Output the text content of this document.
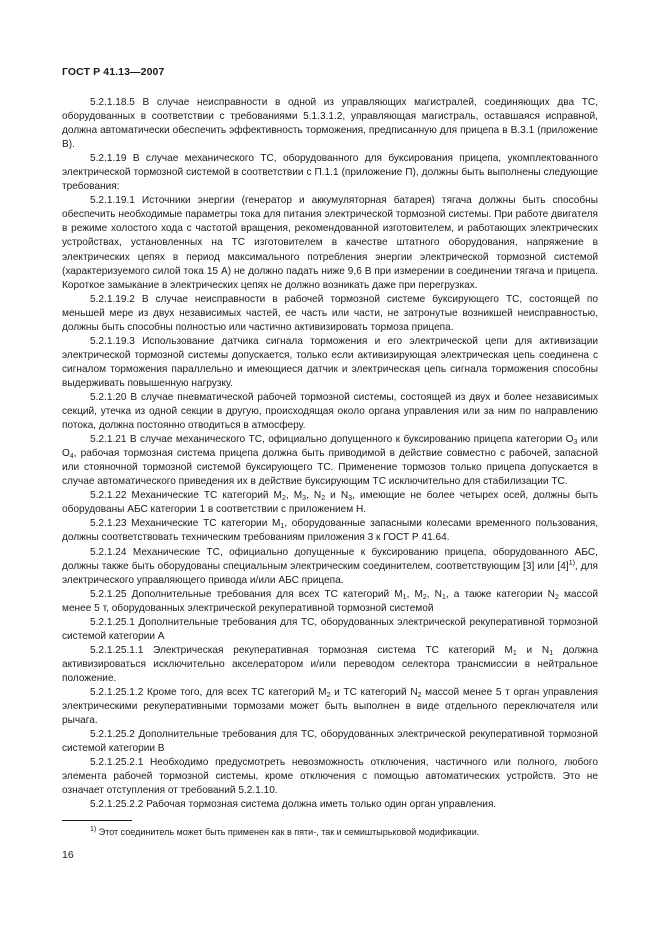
ГОСТ Р 41.13—2007

5.2.1.18.5 В случае неисправности в одной из управляющих магистралей, соединяющих два ТС, оборудованных в соответствии с требованиями 5.1.3.1.2, управляющая магистраль, оставшаяся исправной, должна автоматически обеспечить эффективность торможения, предписанную для прицепа в В.3.1 (приложение В).

5.2.1.19 В случае механического ТС, оборудованного для буксирования прицепа, укомплектованного электрической тормозной системой в соответствии с П.1.1 (приложение П), должны быть выполнены следующие требования:

5.2.1.19.1 Источники энергии (генератор и аккумуляторная батарея) тягача должны быть способны обеспечить необходимые параметры тока для питания электрической тормозной системы. При работе двигателя в режиме холостого хода с частотой вращения, рекомендованной изготовителем, и работающих электрических устройствах, установленных на ТС изготовителем в качестве штатного оборудования, напряжение в электрических цепях в период максимального потребления энергии электрической тормозной системой (характеризуемого силой тока 15 А) не должно падать ниже 9,6 В при измерении в соединении тягача и прицепа. Короткое замыкание в электрических цепях не должно возникать даже при перегрузках.

5.2.1.19.2 В случае неисправности в рабочей тормозной системе буксирующего ТС, состоящей по меньшей мере из двух независимых частей, ее часть или части, не затронутые возникшей неисправностью, должны быть способны полностью или частично активизировать тормоза прицепа.

5.2.1.19.3 Использование датчика сигнала торможения и его электрической цепи для активизации электрической тормозной системы допускается, только если активизирующая электрическая цепь соединена с сигналом торможения параллельно и имеющиеся датчик и электрическая цепь сигнала торможения способны выдерживать повышенную нагрузку.

5.2.1.20 В случае пневматической рабочей тормозной системы, состоящей из двух и более независимых секций, утечка из одной секции в другую, происходящая около органа управления или за ним по направлению потока, должна постоянно отводиться в атмосферу.

5.2.1.21 В случае механического ТС, официально допущенного к буксированию прицепа категории $O_3$ или $O_4$, рабочая тормозная система прицепа должна быть приводимой в действие совместно с рабочей, запасной или стояночной тормозной системой буксирующего ТС. Применение тормозов только прицепа допускается в случае автоматического приведения их в действие буксирующим ТС исключительно для стабилизации ТС.

5.2.1.22 Механические ТС категорий $M_2$, $M_3$, $N_2$ и $N_3$, имеющие не более четырех осей, должны быть оборудованы АБС категории 1 в соответствии с приложением Н.

5.2.1.23 Механические ТС категории $M_1$, оборудованные запасными колесами временного пользования, должны соответствовать техническим требованиям приложения 3 к ГОСТ Р 41.64.

5.2.1.24 Механические ТС, официально допущенные к буксированию прицепа, оборудованного АБС, должны также быть оборудованы специальным электрическим соединителем, соответствующим [3] или $[4]^{1)}$, для электрического управляющего привода и/или АБС прицепа.

5.2.1.25 Дополнительные требования для всех ТС категорий $M_1$, $M_2$, $N_1$, а также категории $N_2$ массой менее 5 т, оборудованных электрической рекуперативной тормозной системой

5.2.1.25.1 Дополнительные требования для ТС, оборудованных электрической рекуперативной тормозной системой категории А

5.2.1.25.1.1 Электрическая рекуперативная тормозная система ТС категорий $M_1$ и $N_1$ должна активизироваться исключительно акселератором и/или переводом селектора трансмиссии в нейтральное положение.

5.2.1.25.1.2 Кроме того, для всех ТС категорий $M_2$ и ТС категорий $N_2$ массой менее 5 т орган управления электрическими рекуперативными тормозами может быть выполнен в виде отдельного переключателя или рычага.

5.2.1.25.2 Дополнительные требования для ТС, оборудованных электрической рекуперативной тормозной системой категории В

5.2.1.25.2.1 Необходимо предусмотреть невозможность отключения, частичного или полного, любого элемента рабочей тормозной системы, кроме отключения с помощью автоматических устройств. Это не означает отступления от требований 5.2.1.10.

5.2.1.25.2.2 Рабочая тормозная система должна иметь только один орган управления.

$^{1)}$ Этот соединитель может быть применен как в пяти-, так и семиштырьковой модификации.
16
